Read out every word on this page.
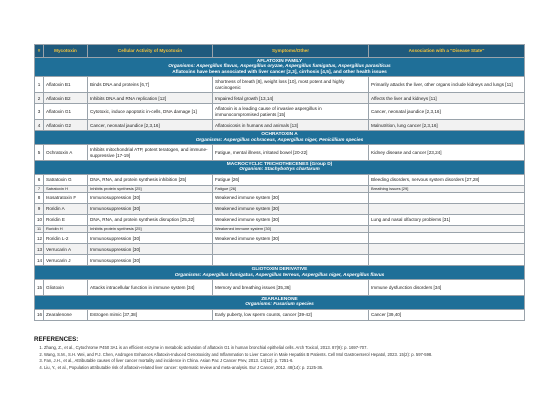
#	Mycotoxin	Cellular Activity of Mycotoxin	Symptoms/Other	Association with a "Disease State"

AFLATOXIN FAMILY
Organisms: Aspergillus flavus, Aspergillus oryzae, Aspergillus fumigatus, Aspergillus parasiticus
Aflatoxins have been associated with liver cancer [2,3], cirrhosis [4,5], and other health issues				

1	Aflatoxin B1	Binds DNA and proteins [6,7]	Shortness of breath [8], weight loss [10], most potent and highly carcinogenic	Primarily attacks the liver, other organs include kidneys and lungs [11]
2	Aflatoxin B2	Inhibits DNA and RNA replication [12]	Impaired fetal growth [13,14]	Affects the liver and kidneys [11]
3	Aflatoxin G1	Cytotoxic, induce apoptotic in-cells, DNA damage [1]	Aflatoxin is a leading cause of invasive aspergillus in immunocompromised patients [15]	Cancer, neonatal jaundice [2,3,16]
4	Aflatoxin G2	Cancer, neonatal jaundice [2,3,16]	Aflatoxicosis in humans and animals [13]	Malnutrition, lung cancer [2,3,16]

OCHRATOXIN A
Organisms: Aspergillus ochraceus, Aspergillus niger, Penicillium species				

5	Ochratoxin A	Inhibits mitochondrial ATP, potent teratogen, and immune-suppressive [17-19]	Fatigue, mental illness, irritated bowel [20-22]	Kidney disease and cancer [23,24]

MACROCYCLIC TRICHOTHECENES (Group D)
Organism: Stachybotrys chartarum				

6	Satratoxin G	DNA, RNA, and protein synthesis inhibition [25]	Fatigue [26]	Bleeding disorders, nervous system disorders [27,28]
7	Satratoxin H	Inhibits protein synthesis [25]	Fatigue [26]	Breathing issues [29]
8	Isosatratoxin F	Immunosuppression [30]	Weakened immune system [30]	
9	Roridin A	Immunosuppression [30]	Weakened immune system [30]	
10	Roridin E	DNA, RNA, and protein synthesis disruption [25,32]	Weakened immune system [30]	Lung and nasal olfactory problems [31]
11	Roridin H	Inhibits protein synthesis [25]	Weakened immune system [30]	
12	Roridin L-2	Immunosuppression [30]	Weakened immune system [30]	
13	Verrucarin A	Immunosuppression [30]		
14	Verrucarin J	Immunosuppression [30]		

GLIOTOXIN DERIVATIVE
Organisms: Aspergillus fumigatus, Aspergillus terreus, Aspergillus niger, Aspergillus flavus				

15	Gliotoxin	Attacks intracellular function in immune system [34]	Memory and breathing issues [35,36]	Immune dysfunction disorders [34]

ZEARALENONE
Organisms: Fusarium species				

16	Zearalenone	Estrogen mimic [37,38]	Early puberty, low sperm counts, cancer [39-42]	Cancer [39,40]
REFERENCES:
1. Zhang, Z., et al., Cytochrome P450 3A1 is an efficient enzyme in metabolic activation of aflatoxin G1 in human bronchial epithelial cells. Arch Toxicol, 2013. 87(9): p. 1697-707.
2. Wang, S.M., S.H. Wei, and P.J. Chen, Androgen Enhances Aflatoxin-Induced Genotoxicity and Inflammation to Liver Cancer in Male Hepatitis B Patients. Cell Mol Gastroenterol Hepatol, 2023. 15(2): p. 597-598.
3. Fan, J.H., et al., Attributable causes of liver cancer mortality and incidence in China. Asian Pac J Cancer Prev, 2013. 14(12): p. 7251-6.
4. Liu, Y., et al., Population attributable risk of aflatoxin-related liver cancer: systematic review and meta-analysis. Eur J Cancer, 2012. 48(14): p. 2125-36.
